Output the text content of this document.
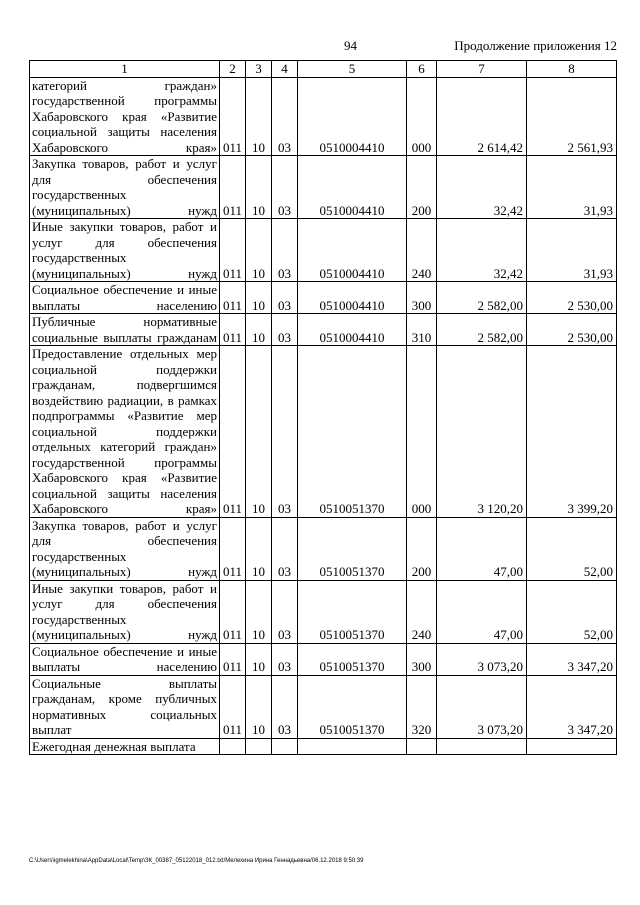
94	Продолжение приложения 12
1	2	3	4	5	6	7	8
категорий граждан» государственной программы Хабаровского края «Развитие социальной защиты населения Хабаровского края»	011	10	03	0510004410	000	2 614,42	2 561,93
Закупка товаров, работ и услуг для обеспечения государственных (муниципальных) нужд	011	10	03	0510004410	200	32,42	31,93
Иные закупки товаров, работ и услуг для обеспечения государственных (муниципальных) нужд	011	10	03	0510004410	240	32,42	31,93
Социальное обеспечение и иные выплаты населению	011	10	03	0510004410	300	2 582,00	2 530,00
Публичные нормативные социальные выплаты гражданам	011	10	03	0510004410	310	2 582,00	2 530,00
Предоставление отдельных мер социальной поддержки гражданам, подвергшимся воздействию радиации, в рамках подпрограммы «Развитие мер социальной поддержки отдельных категорий граждан» государственной программы Хабаровского края «Развитие социальной защиты населения Хабаровского края»	011	10	03	0510051370	000	3 120,20	3 399,20
Закупка товаров, работ и услуг для обеспечения государственных (муниципальных) нужд	011	10	03	0510051370	200	47,00	52,00
Иные закупки товаров, работ и услуг для обеспечения государственных (муниципальных) нужд	011	10	03	0510051370	240	47,00	52,00
Социальное обеспечение и иные выплаты населению	011	10	03	0510051370	300	3 073,20	3 347,20
Социальные выплаты гражданам, кроме публичных нормативных социальных выплат	011	10	03	0510051370	320	3 073,20	3 347,20
Ежегодная денежная выплата							
C:\Users\igmelekhina\AppData\Local\Temp\ЗК_00387_05122018_012.txt/Мелехина Ирина Геннадьевна/06.12.2018 9:50:39
